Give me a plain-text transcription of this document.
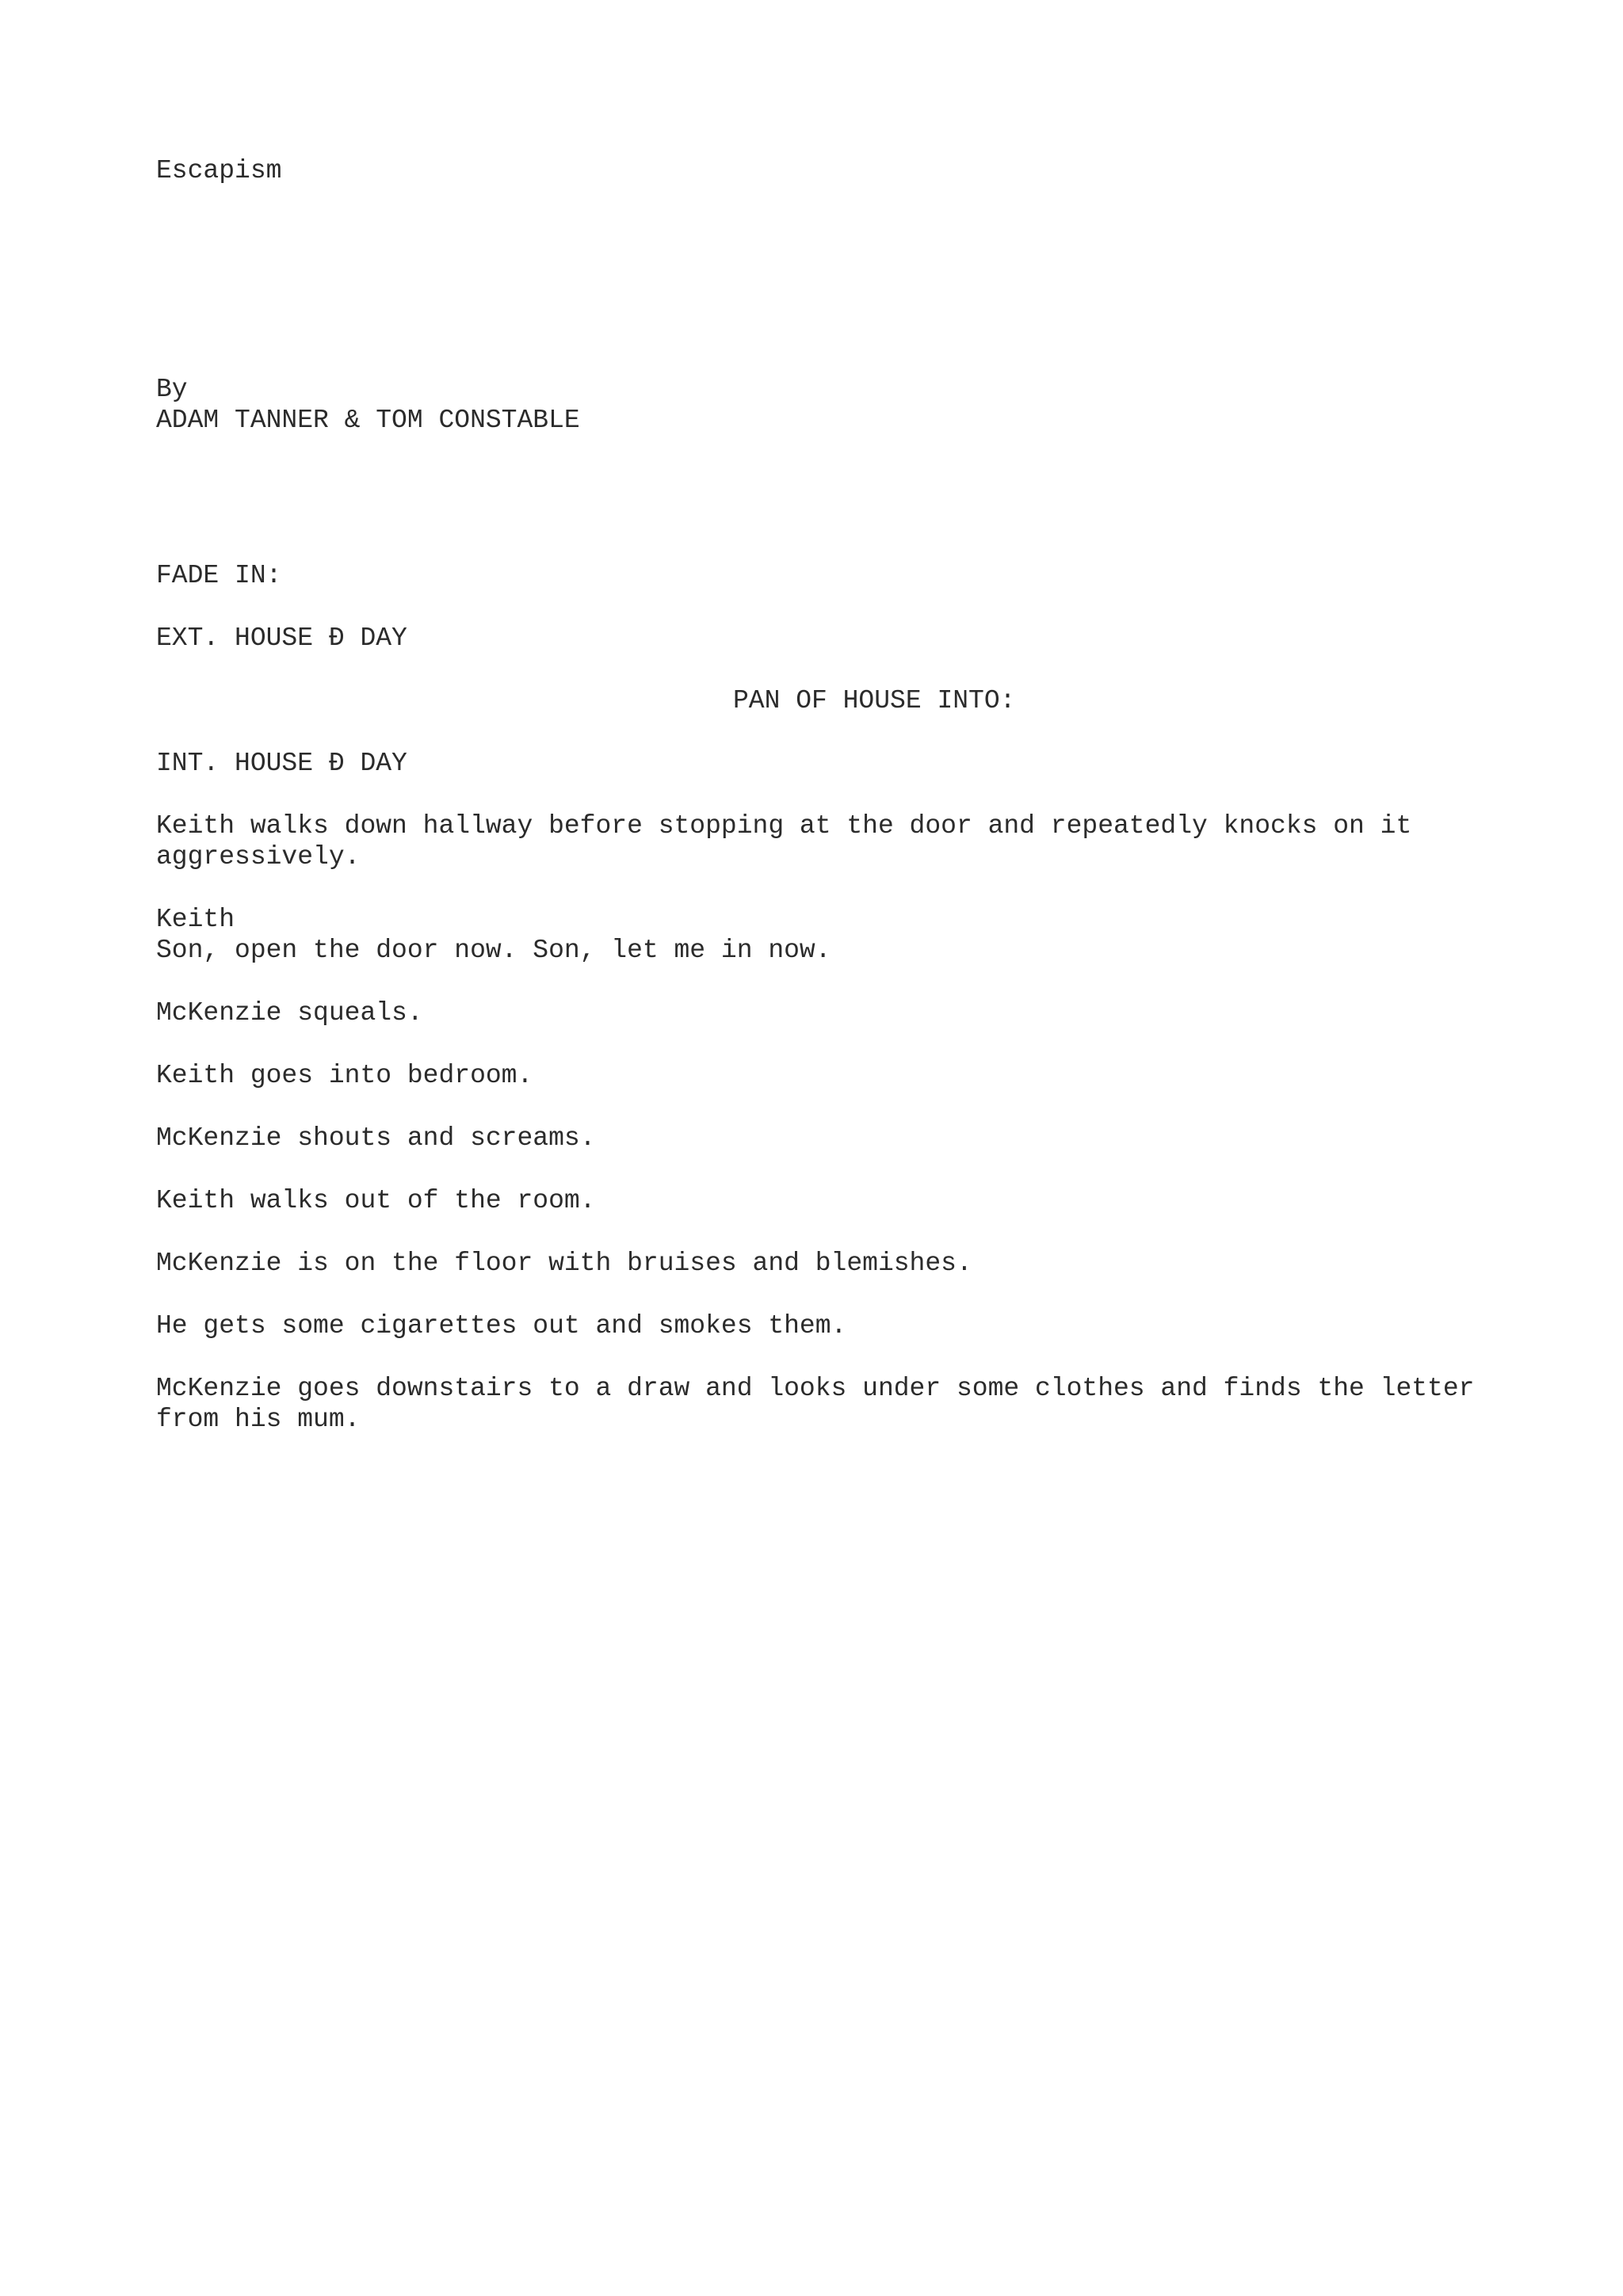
Escapism

By

ADAM TANNER & TOM CONSTABLE

FADE IN:

EXT. HOUSE Ð DAY

PAN OF HOUSE INTO:

INT. HOUSE Ð DAY

Keith walks down hallway before stopping at the door and repeatedly knocks on it aggressively.

Keith

Son, open the door now. Son, let me in now.

McKenzie squeals.

Keith goes into bedroom.

McKenzie shouts and screams.

Keith walks out of the room.

McKenzie is on the floor with bruises and blemishes.

He gets some cigarettes out and smokes them.

McKenzie goes downstairs to a draw and looks under some clothes and finds the letter from his mum.
